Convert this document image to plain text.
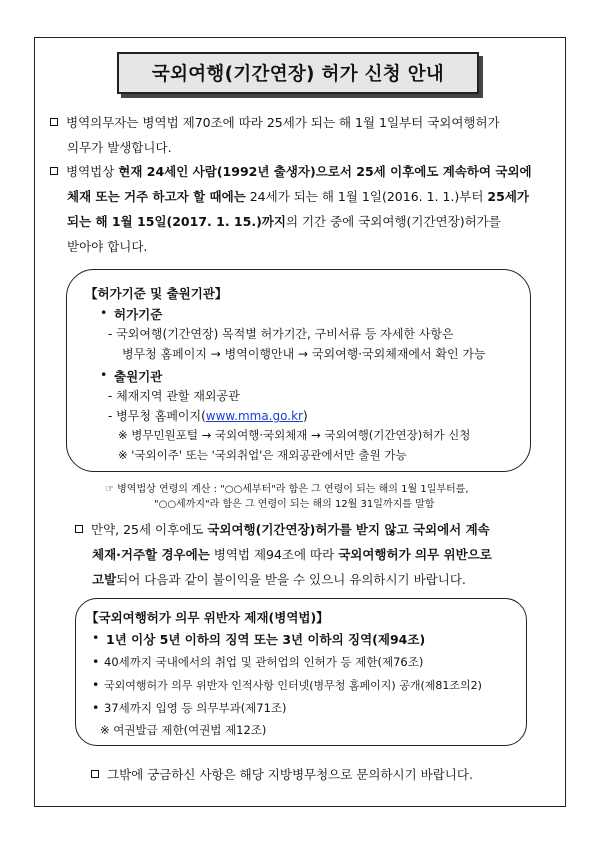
국외여행(기간연장) 허가 신청 안내
병역의무자는 병역법 제70조에 따라 25세가 되는 해 1월 1일부터 국외여행허가
의무가 발생합니다.
병역법상 현재 24세인 사람(1992년 출생자)으로서 25세 이후에도 계속하여 국외에
체재 또는 거주 하고자 할 때에는 24세가 되는 해 1월 1일(2016. 1. 1.)부터 25세가
되는 해 1월 15일(2017. 1. 15.)까지의 기간 중에 국외여행(기간연장)허가를
받아야 합니다.
【허가기준 및 출원기관】
• 허가기준
- 국외여행(기간연장) 목적별 허가기간, 구비서류 등 자세한 사항은
병무청 홈페이지 → 병역이행안내 → 국외여행·국외체재에서 확인 가능
• 출원기관
- 체재지역 관할 재외공관
- 병무청 홈페이지(www.mma.go.kr)
※ 병무민원포털 → 국외여행·국외체재 → 국외여행(기간연장)허가 신청
※ '국외이주' 또는 '국외취업'은 재외공관에서만 출원 가능
☞ 병역법상 연령의 계산 : "○○세부터"라 함은 그 연령이 되는 해의 1월 1일부터를,
"○○세까지"라 함은 그 연령이 되는 해의 12월 31일까지를 말함
만약, 25세 이후에도 국외여행(기간연장)허가를 받지 않고 국외에서 계속
체재·거주할 경우에는 병역법 제94조에 따라 국외여행허가 의무 위반으로
고발되어 다음과 같이 불이익을 받을 수 있으니 유의하시기 바랍니다.
【국외여행허가 의무 위반자 제재(병역법)】
• 1년 이상 5년 이하의 징역 또는 3년 이하의 징역(제94조)
• 40세까지 국내에서의 취업 및 관허업의 인허가 등 제한(제76조)
• 국외여행허가 의무 위반자 인적사항 인터넷(병무청 홈페이지) 공개(제81조의2)
• 37세까지 입영 등 의무부과(제71조)
※ 여권발급 제한(여권법 제12조)
그밖에 궁금하신 사항은 해당 지방병무청으로 문의하시기 바랍니다.
